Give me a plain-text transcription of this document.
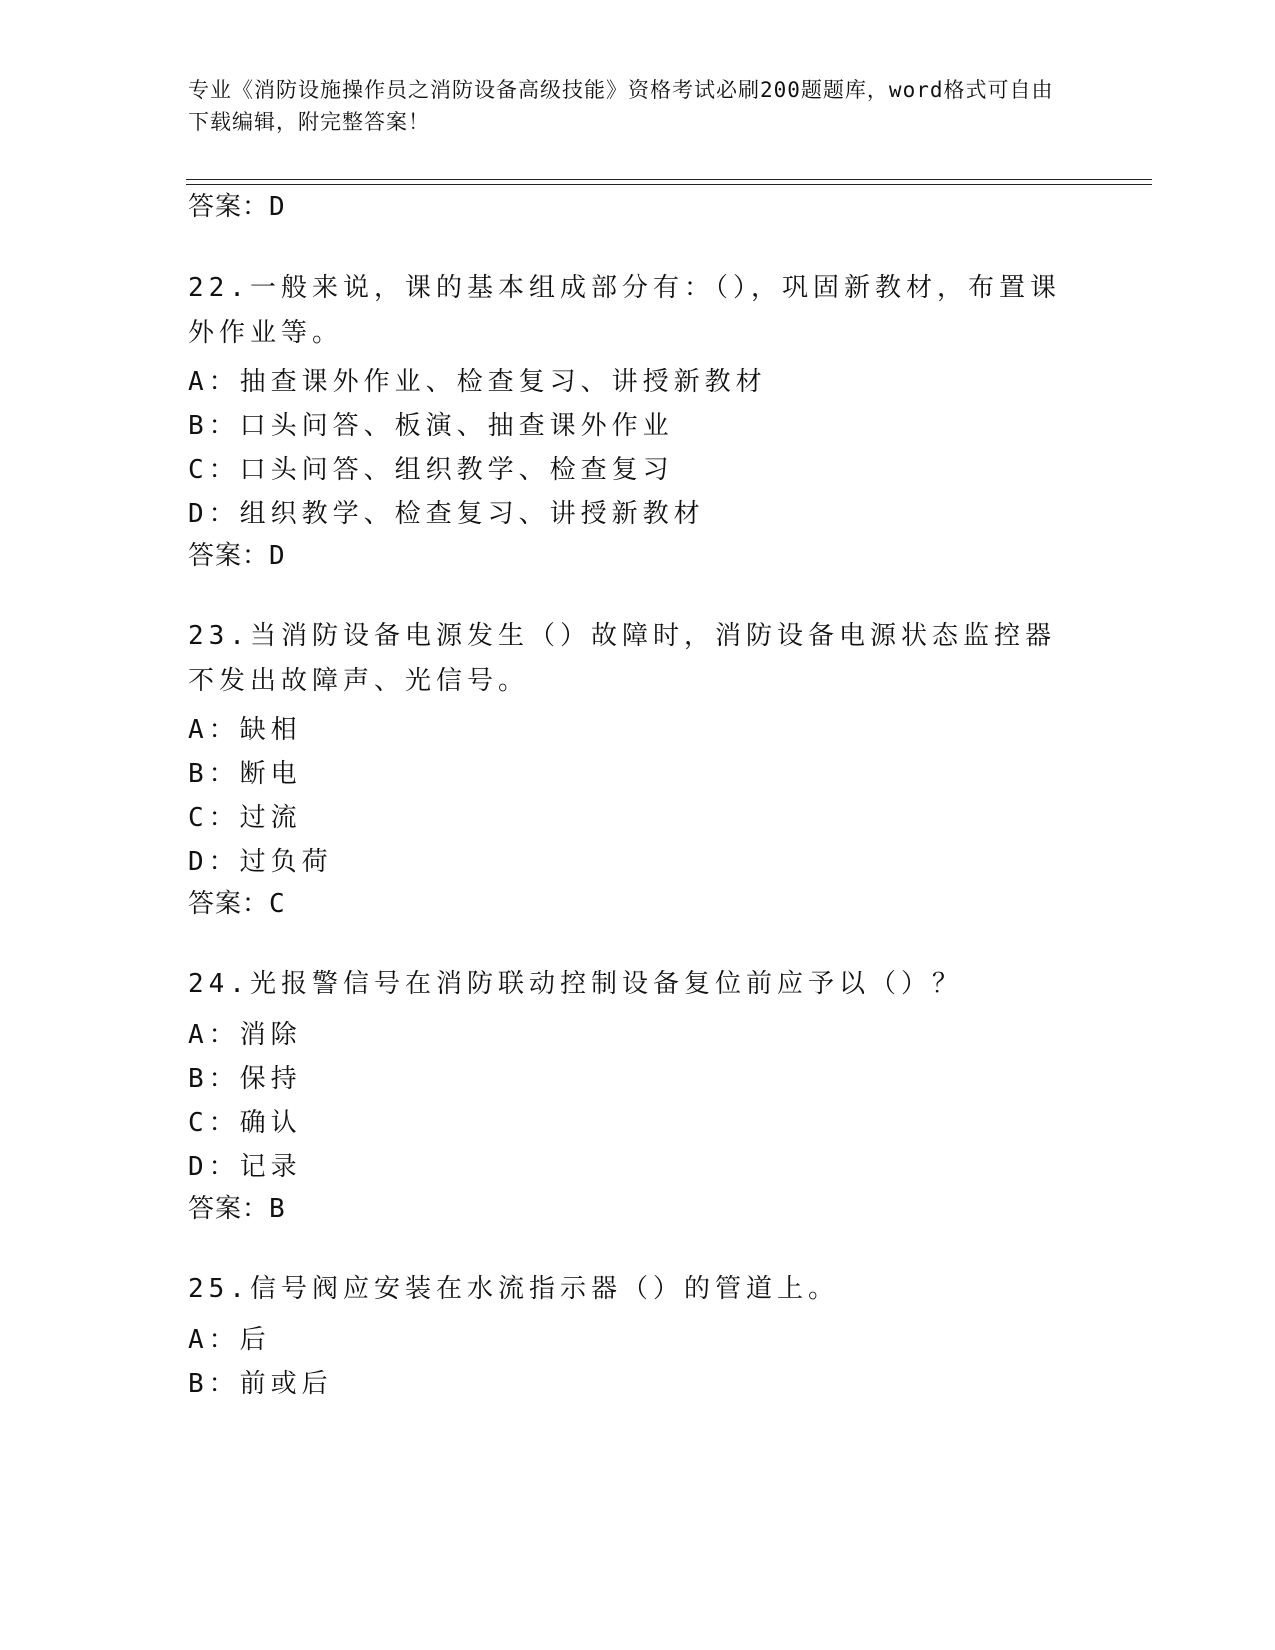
专业《消防设施操作员之消防设备高级技能》资格考试必刷200题题库，word格式可自由下载编辑，附完整答案！
答案：D
22.一般来说，课的基本组成部分有：（），巩固新教材，布置课外作业等。
A：抽查课外作业、检查复习、讲授新教材
B：口头问答、板演、抽查课外作业
C：口头问答、组织教学、检查复习
D：组织教学、检查复习、讲授新教材
答案：D
23.当消防设备电源发生（）故障时，消防设备电源状态监控器不发出故障声、光信号。
A：缺相
B：断电
C：过流
D：过负荷
答案：C
24.光报警信号在消防联动控制设备复位前应予以（）？
A：消除
B：保持
C：确认
D：记录
答案：B
25.信号阀应安装在水流指示器（）的管道上。
A：后
B：前或后
